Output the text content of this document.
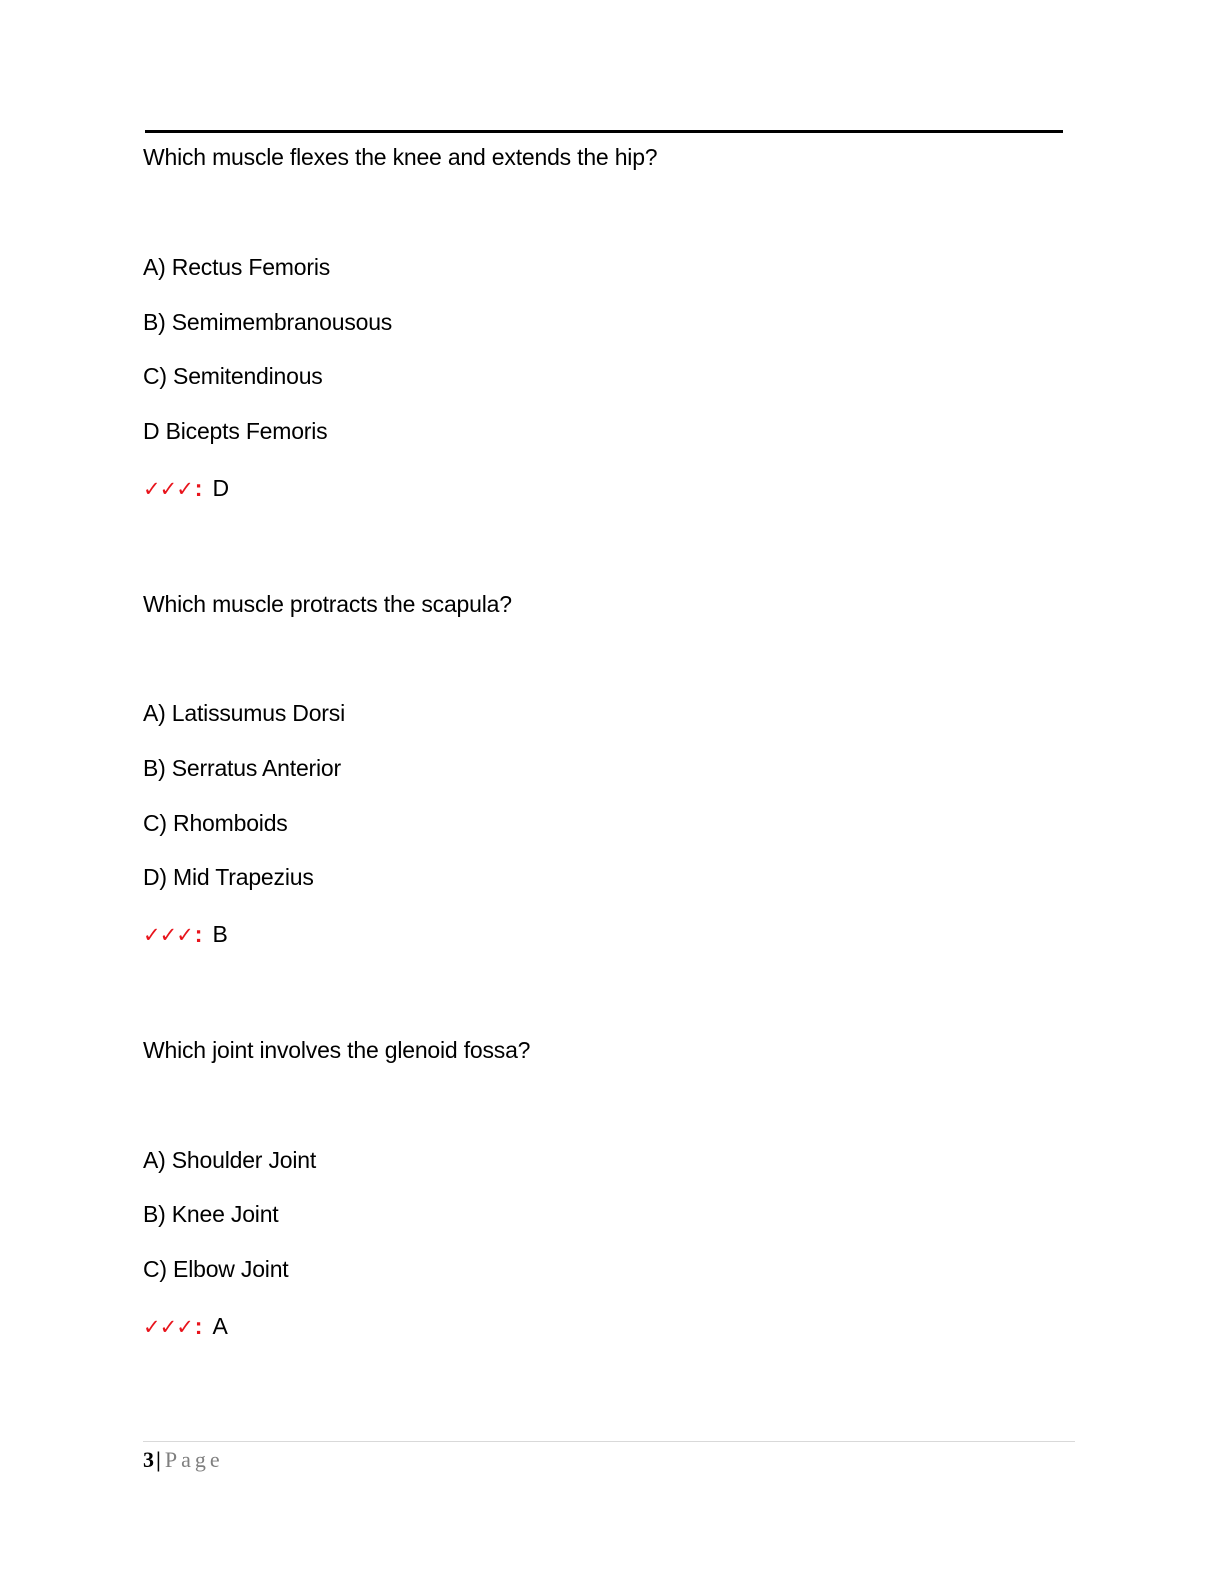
Which muscle flexes the knee and extends the hip?
A) Rectus Femoris
B) Semimembranousous
C) Semitendinous
D Bicepts Femoris
✓✓✓: D
Which muscle protracts the scapula?
A) Latissumus Dorsi
B) Serratus Anterior
C) Rhomboids
D) Mid Trapezius
✓✓✓: B
Which joint involves the glenoid fossa?
A) Shoulder Joint
B) Knee Joint
C) Elbow Joint
✓✓✓: A
3| Page
